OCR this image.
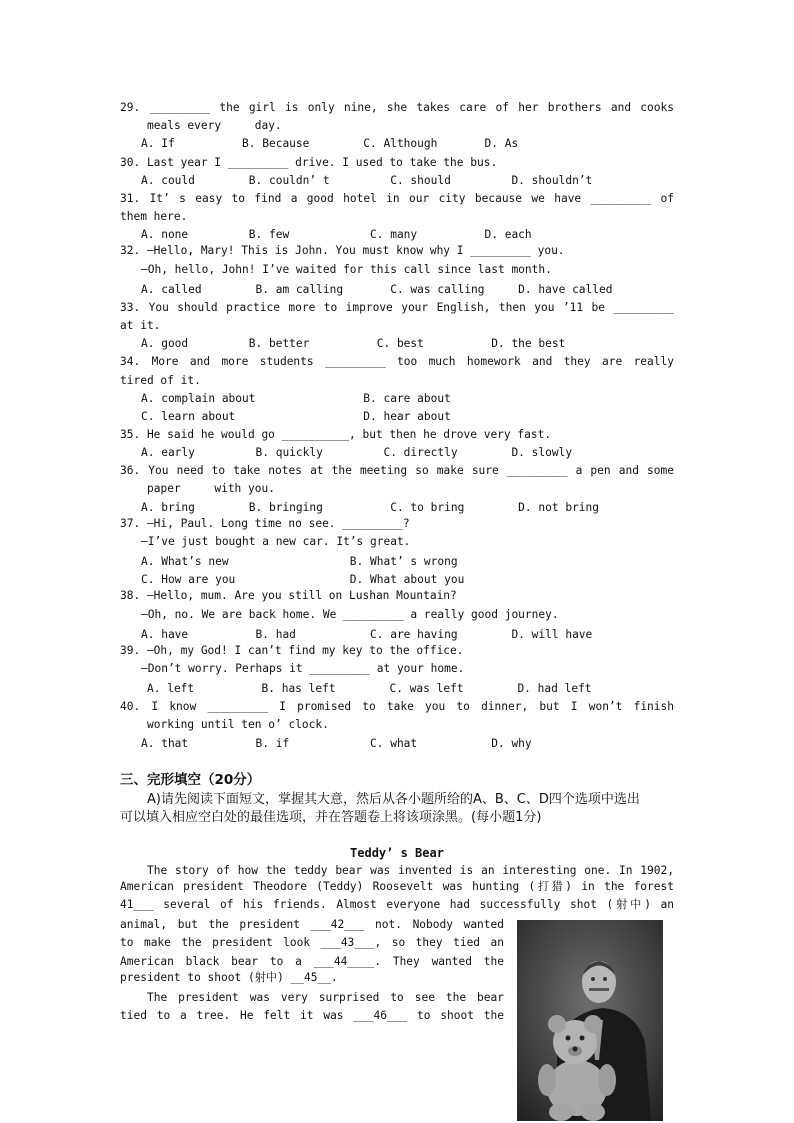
29. _________ the girl is only nine, she takes care of her brothers and cooks
meals every     day.
A. If          B. Because        C. Although       D. As
30. Last year I _________ drive. I used to take the bus.
A. could        B. couldn’ t         C. should         D. shouldn’t
31. It’ s easy to find a good hotel in our city because we have _________ of
them here.
A. none         B. few            C. many          D. each
32. —Hello, Mary! This is John. You must know why I _________ you.
—Oh, hello, John! I’ve waited for this call since last month.
A. called        B. am calling       C. was calling     D. have called
33. You should practice more to improve your English, then you ’11 be _________
at it.
A. good         B. better          C. best          D. the best
34. More and more students _________ too much homework and they are really
tired of it.
A. complain about                B. care about
C. learn about                   D. hear about
35. He said he would go __________, but then he drove very fast.
A. early         B. quickly         C. directly        D. slowly
36. You need to take notes at the meeting so make sure _________ a pen and some
paper     with you.
A. bring        B. bringing          C. to bring        D. not bring
37. —Hi, Paul. Long time no see. _________?
—I’ve just bought a new car. It’s great.
A. What’s new                  B. What’ s wrong
C. How are you                 D. What about you
38. —Hello, mum. Are you still on Lushan Mountain?
—Oh, no. We are back home. We _________ a really good journey.
A. have          B. had           C. are having        D. will have
39. —Oh, my God! I can’t find my key to the office.
—Don’t worry. Perhaps it _________ at your home.
A. left          B. has left        C. was left        D. had left
40. I know _________ I promised to take you to dinner, but I won’t finish
working until ten o’ clock.
A. that          B. if            C. what           D. why
三、完形填空（20分）
A)请先阅读下面短文，掌握其大意，然后从各小题所给的A、B、C、D四个选项中选出
可以填入相应空白处的最佳选项，并在答题卷上将该项涂黑。(每小题1分)
Teddy’ s Bear
The story of how the teddy bear was invented is an interesting one. In 1902,
American president Theodore (Teddy) Roosevelt was hunting (打猎) in the forest
41___ several of his friends. Almost everyone had successfully shot (射中) an
animal, but the president ___42___ not. Nobody wanted
to make the president look ___43___, so they tied an
American black bear to a ___44____. They wanted the
president to shoot (射中) __45__.
The president was very surprised to see the bear
tied to a tree. He felt it was ___46___ to shoot the
